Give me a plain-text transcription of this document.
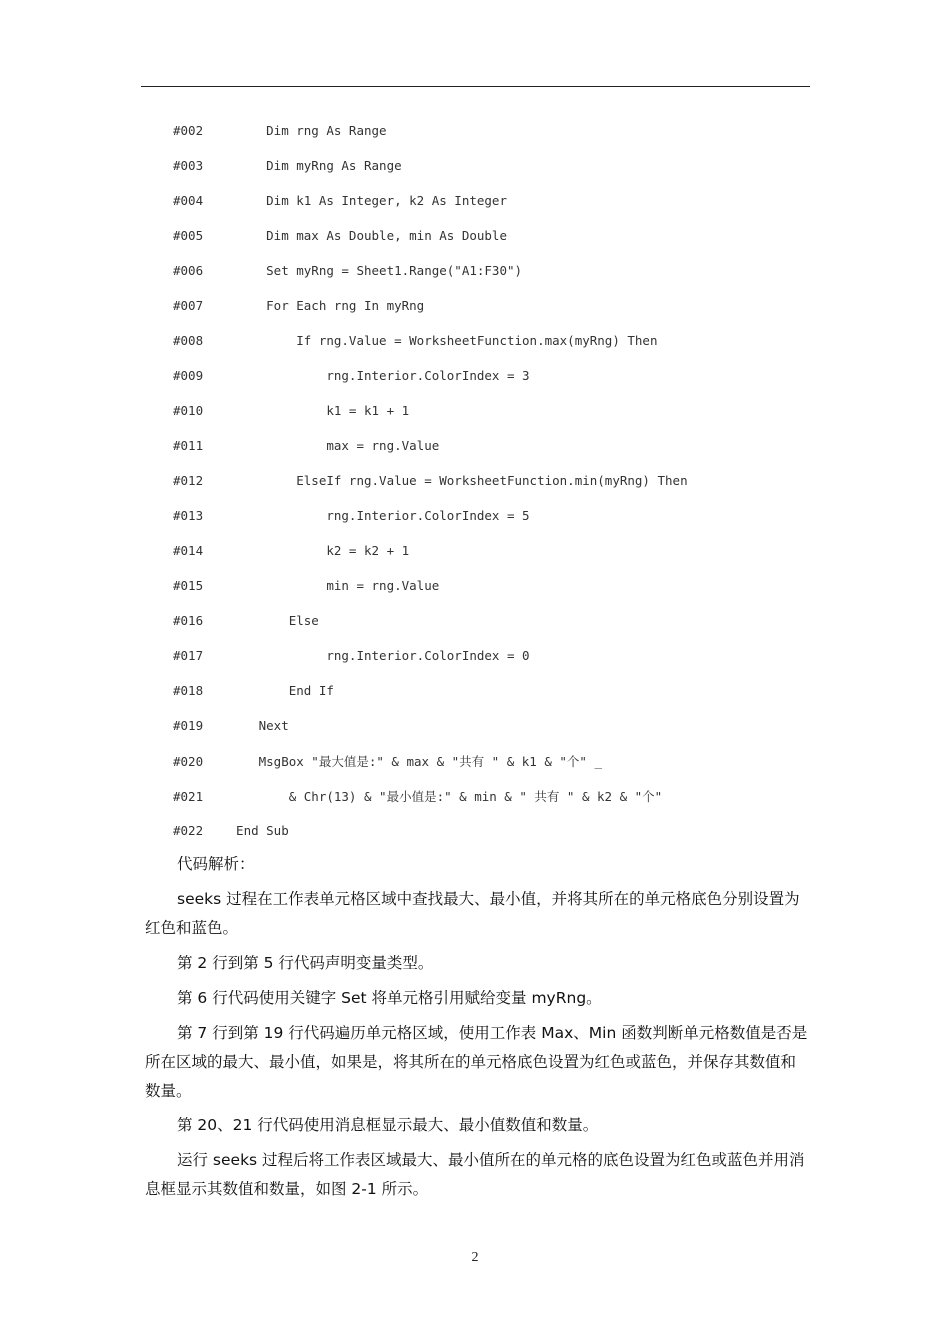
#002      Dim rng As Range
#003      Dim myRng As Range
#004      Dim k1 As Integer, k2 As Integer
#005      Dim max As Double, min As Double
#006      Set myRng = Sheet1.Range("A1:F30")
#007      For Each rng In myRng
#008          If rng.Value = WorksheetFunction.max(myRng) Then
#009              rng.Interior.ColorIndex = 3
#010              k1 = k1 + 1
#011              max = rng.Value
#012          ElseIf rng.Value = WorksheetFunction.min(myRng) Then
#013              rng.Interior.ColorIndex = 5
#014              k2 = k2 + 1
#015              min = rng.Value
#016         Else
#017              rng.Interior.ColorIndex = 0
#018         End If
#019     Next
#020     MsgBox "最大值是:" & max & "共有 " & k1 & "个" _
#021         & Chr(13) & "最小值是:" & min & " 共有 " & k2 & "个"
#022  End Sub

代码解析：

seeks 过程在工作表单元格区域中查找最大、最小值，并将其所在的单元格底色分别设置为红色和蓝色。

第 2 行到第 5 行代码声明变量类型。

第 6 行代码使用关键字 Set 将单元格引用赋给变量 myRng。

第 7 行到第 19 行代码遍历单元格区域，使用工作表 Max、Min 函数判断单元格数值是否是所在区域的最大、最小值，如果是，将其所在的单元格底色设置为红色或蓝色，并保存其数值和数量。

第 20、21 行代码使用消息框显示最大、最小值数值和数量。

运行 seeks 过程后将工作表区域最大、最小值所在的单元格的底色设置为红色或蓝色并用消息框显示其数值和数量，如图 2-1 所示。

2
